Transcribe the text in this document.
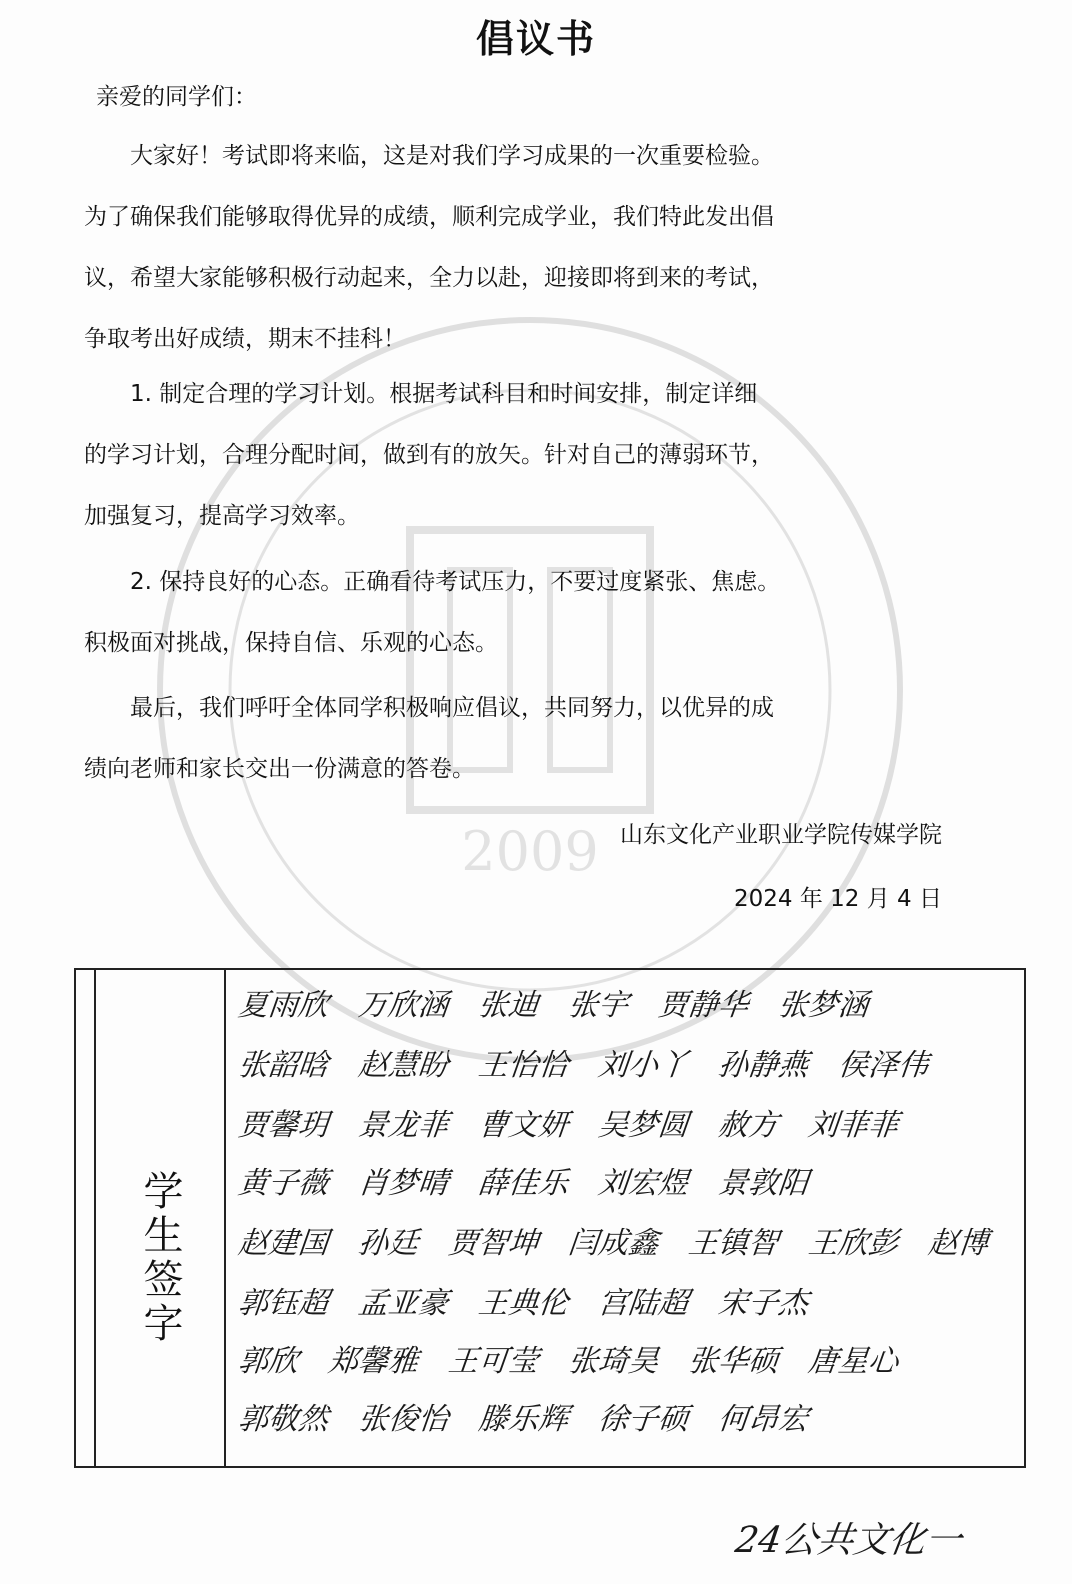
2009
倡议书
亲爱的同学们：
　　大家好！考试即将来临，这是对我们学习成果的一次重要检验。
为了确保我们能够取得优异的成绩，顺利完成学业，我们特此发出倡
议，希望大家能够积极行动起来，全力以赴，迎接即将到来的考试，
争取考出好成绩，期末不挂科！
　　1. 制定合理的学习计划。根据考试科目和时间安排，制定详细
的学习计划，合理分配时间，做到有的放矢。针对自己的薄弱环节，
加强复习，提高学习效率。
　　2. 保持良好的心态。正确看待考试压力，不要过度紧张、焦虑。
积极面对挑战，保持自信、乐观的心态。
　　最后，我们呼吁全体同学积极响应倡议，共同努力，以优异的成
绩向老师和家长交出一份满意的答卷。
山东文化产业职业学院传媒学院
2024 年 12 月 4 日
学生签字
夏雨欣 万欣涵 张迪 张宇 贾静华 张梦涵
张韶晗 赵慧盼 王怡恰 刘小丫 孙静燕 侯泽伟
贾馨玥 景龙菲 曹文妍 吴梦圆 赦方 刘菲菲
黄子薇 肖梦晴 薛佳乐 刘宏煜 景敦阳
赵建国 孙廷 贾智坤 闫成鑫 王镇智 王欣彭 赵博
郭钰超 孟亚豪 王典伦 宫陆超 宋子杰
郭欣 郑馨雅 王可莹 张琦昊 张华硕 唐星心
郭敬然 张俊怡 滕乐辉 徐子硕 何昂宏
24公共文化一
